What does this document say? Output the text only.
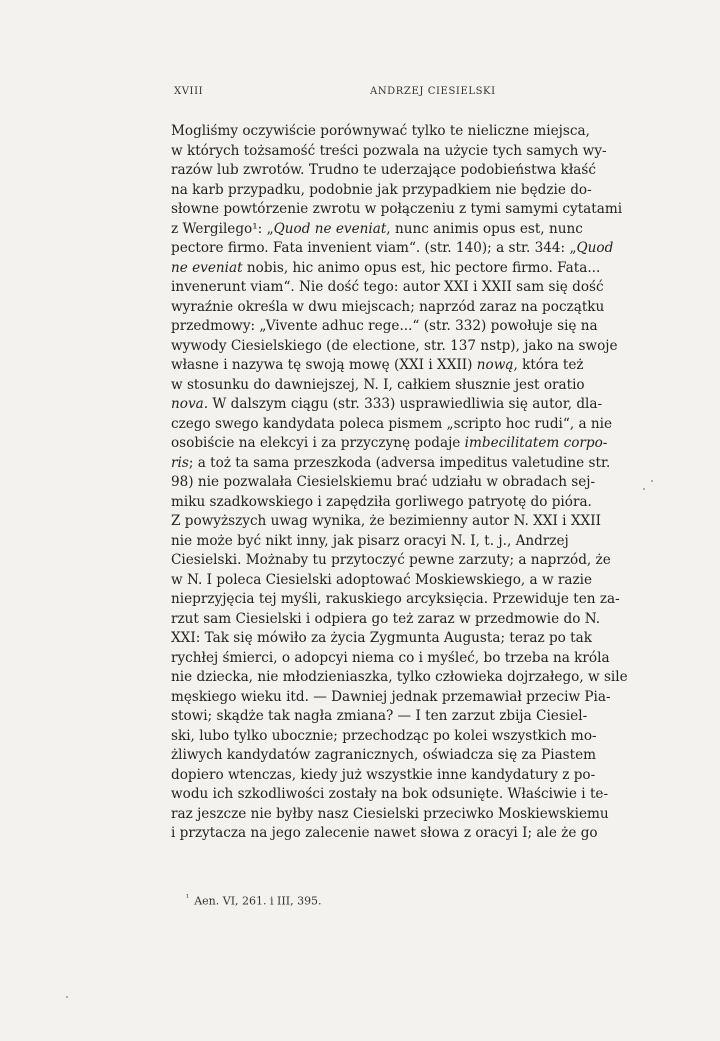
XVIII	ANDRZEJ CIESIELSKI
Mogliśmy oczywiście porównywać tylko te nieliczne miejsca,
w których tożsamość treści pozwala na użycie tych samych wy-
razów lub zwrotów. Trudno te uderzające podobieństwa kłaść
na karb przypadku, podobnie jak przypadkiem nie będzie do-
słowne powtórzenie zwrotu w połączeniu z tymi samymi cytatami
z Wergilego¹: „Quod ne eveniat, nunc animis opus est, nunc
pectore firmo. Fata invenient viam“. (str. 140); a str. 344: „Quod
ne eveniat nobis, hic animo opus est, hic pectore firmo. Fata...
invenerunt viam“. Nie dość tego: autor XXI i XXII sam się dość
wyraźnie określa w dwu miejscach; naprzód zaraz na początku
przedmowy: „Vivente adhuc rege...“ (str. 332) powołuje się na
wywody Ciesielskiego (de electione, str. 137 nstp), jako na swoje
własne i nazywa tę swoją mowę (XXI i XXII) nową, która też
w stosunku do dawniejszej, N. I, całkiem słusznie jest oratio
nova. W dalszym ciągu (str. 333) usprawiedliwia się autor, dla-
czego swego kandydata poleca pismem „scripto hoc rudi“, a nie
osobiście na elekcyi i za przyczynę podaje imbecilitatem corpo-
ris; a toż ta sama przeszkoda (adversa impeditus valetudine str.
98) nie pozwalała Ciesielskiemu brać udziału w obradach sej-
miku szadkowskiego i zapędziła gorliwego patryotę do pióra.
Z powyższych uwag wynika, że bezimienny autor N. XXI i XXII
nie może być nikt inny, jak pisarz oracyi N. I, t. j., Andrzej
Ciesielski. Możnaby tu przytoczyć pewne zarzuty; a naprzód, że
w N. I poleca Ciesielski adoptować Moskiewskiego, a w razie
nieprzyjęcia tej myśli, rakuskiego arcyksięcia. Przewiduje ten za-
rzut sam Ciesielski i odpiera go też zaraz w przedmowie do N.
XXI: Tak się mówiło za życia Zygmunta Augusta; teraz po tak
rychłej śmierci, o adopcyi niema co i myśleć, bo trzeba na króla
nie dziecka, nie młodzieniaszka, tylko człowieka dojrzałego, w sile
męskiego wieku itd. — Dawniej jednak przemawiał przeciw Pia-
stowi; skądże tak nagła zmiana? — I ten zarzut zbija Ciesiel-
ski, lubo tylko ubocznie; przechodząc po kolei wszystkich mo-
żliwych kandydatów zagranicznych, oświadcza się za Piastem
dopiero wtenczas, kiedy już wszystkie inne kandydatury z po-
wodu ich szkodliwości zostały na bok odsunięte. Właściwie i te-
raz jeszcze nie byłby nasz Ciesielski przeciwko Moskiewskiemu
i przytacza na jego zalecenie nawet słowa z oracyi I; ale że go
$^{^1}$ Aen. VI, 261. i III, 395.
